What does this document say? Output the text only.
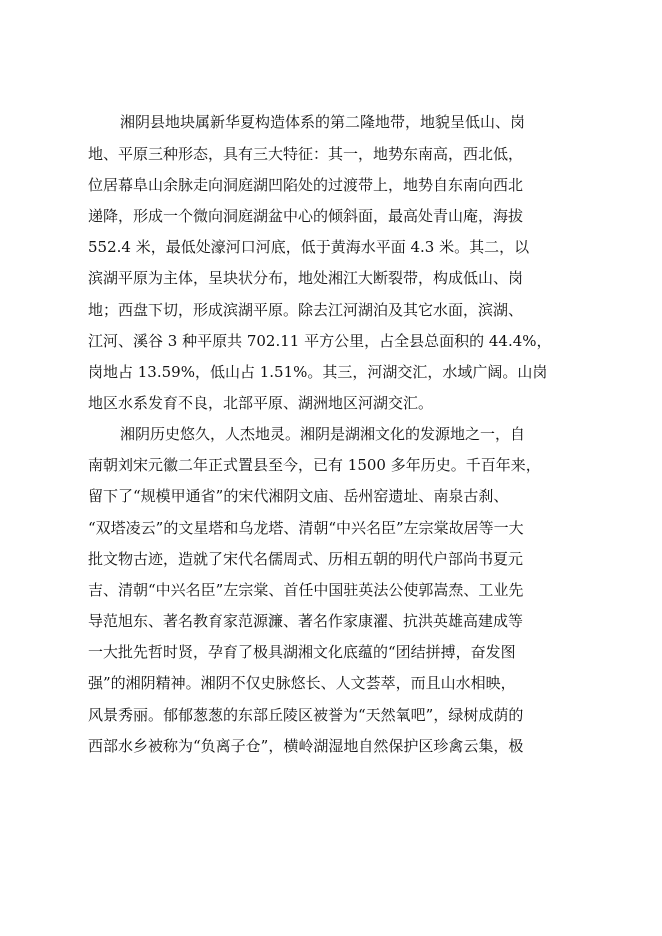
湘阴县地块属新华夏构造体系的第二隆地带，地貌呈低山、岗
地、平原三种形态，具有三大特征：其一，地势东南高，西北低，
位居幕阜山余脉走向洞庭湖凹陷处的过渡带上，地势自东南向西北
递降，形成一个微向洞庭湖盆中心的倾斜面，最高处青山庵，海拔
552.4 米，最低处濠河口河底，低于黄海水平面 4.3 米。其二，以
滨湖平原为主体，呈块状分布，地处湘江大断裂带，构成低山、岗
地；西盘下切，形成滨湖平原。除去江河湖泊及其它水面，滨湖、
江河、溪谷 3 种平原共 702.11 平方公里，占全县总面积的 44.4%，
岗地占 13.59%，低山占 1.51%。其三，河湖交汇，水域广阔。山岗
地区水系发育不良，北部平原、湖洲地区河湖交汇。
湘阴历史悠久，人杰地灵。湘阴是湖湘文化的发源地之一，自
南朝刘宋元徽二年正式置县至今，已有 1500 多年历史。千百年来，
留下了“规模甲通省”的宋代湘阴文庙、岳州窑遗址、南泉古刹、
“双塔凌云”的文星塔和乌龙塔、清朝“中兴名臣”左宗棠故居等一大
批文物古迹，造就了宋代名儒周式、历相五朝的明代户部尚书夏元
吉、清朝“中兴名臣”左宗棠、首任中国驻英法公使郭嵩焘、工业先
导范旭东、著名教育家范源濂、著名作家康濯、抗洪英雄高建成等
一大批先哲时贤，孕育了极具湖湘文化底蕴的“团结拼搏，奋发图
强”的湘阴精神。湘阴不仅史脉悠长、人文荟萃，而且山水相映，
风景秀丽。郁郁葱葱的东部丘陵区被誉为“天然氧吧”，绿树成荫的
西部水乡被称为“负离子仓”，横岭湖湿地自然保护区珍禽云集，极
